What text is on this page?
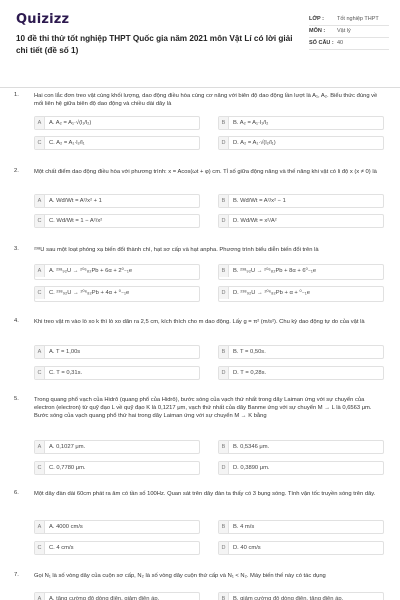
Quizizz
10 đề thi thử tốt nghiệp THPT Quốc gia năm 2021 môn Vật Lí có lời giải chi tiết (đề số 1)
LỚP :	Tốt nghiệp THPT
MÔN :	Vật lý
SỐ CÂU : 40
1.	Hai con lắc đơn treo vật cùng khối lượng, dao động điều hòa cùng cơ năng với biên độ dao động lần lượt là A₁, A₂. Biểu thức đúng về mối liên hệ giữa biên độ dao động và chiều dài dây là
A	A. A₂ = A₁·√(l₁/l₂)	B	B. A₂ = A₁·l₁/l₂
C	C. A₂ = A₁·l₂/l₁	D	D. A₂ = A₁·√(l₂/l₁)
2.	Một chất điểm dao động điều hòa với phương trình: x = Acos(ωt + φ) cm. Tỉ số giữa động năng và thế năng khi vật có li độ x (x ≠ 0) là
A	A. Wđ/Wt = A²/x² + 1	B	B. Wđ/Wt = A²/x² − 1
C	C. Wđ/Wt = 1 − A²/x²	D	D. Wđ/Wt = x²/A²
3.	²³⁸U sau một loạt phóng xạ biến đổi thành chì, hạt sơ cấp và hạt anpha. Phương trình biểu diễn biến đổi trên là
A	A. ²³⁸₉₂U → ²⁰⁶₈₂Pb + 6α + 2⁰₋₁e	B	B. ²³⁸₉₂U → ²⁰⁶₈₂Pb + 8α + 6⁰₋₁e
C	C. ²³⁸₉₂U → ²⁰⁶₈₂Pb + 4α + ⁰₋₁e	D	D. ²³⁸₉₂U → ²⁰⁶₈₂Pb + α + ⁰₋₁e
4.	Khi treo vật m vào lò xo k thì lò xo dãn ra 2,5 cm, kích thích cho m dao động. Lấy g = π² (m/s²). Chu kỳ dao động tự do của vật là
A	A. T = 1,00s	B	B. T = 0,50s.
C	C. T = 0,31s.	D	D. T = 0,28s.
5.	Trong quang phổ vạch của Hidrô (quang phổ của Hidrô), bước sóng của vạch thứ nhất trong dãy Laiman ứng với sự chuyển của electron (electron) từ quỹ đạo L về quỹ đạo K là 0,1217 μm, vạch thứ nhất của dãy Banme ứng với sự chuyển M → L là 0,6563 μm. Bước sóng của vạch quang phổ thứ hai trong dãy Laiman ứng với sự chuyển M → K bằng
A	A. 0,1027 μm.	B	B. 0,5346 μm.
C	C. 0,7780 μm.	D	D. 0,3890 μm.
6.	Một dây đàn dài 60cm phát ra âm có tần số 100Hz. Quan sát trên dây đàn ta thấy có 3 bụng sóng. Tính vận tốc truyền sóng trên dây.
A	A. 4000 cm/s	B	B. 4 m/s
C	C. 4 cm/s	D	D. 40 cm/s
7.	Gọi N₁ là số vòng dây của cuộn sơ cấp, N₂ là số vòng dây cuộn thứ cấp và N₁ < N₂. Máy biến thế này có tác dụng
A	A. tăng cường độ dòng điện, giảm điện áp.	B	B. giảm cường độ dòng điện, tăng điện áp.
